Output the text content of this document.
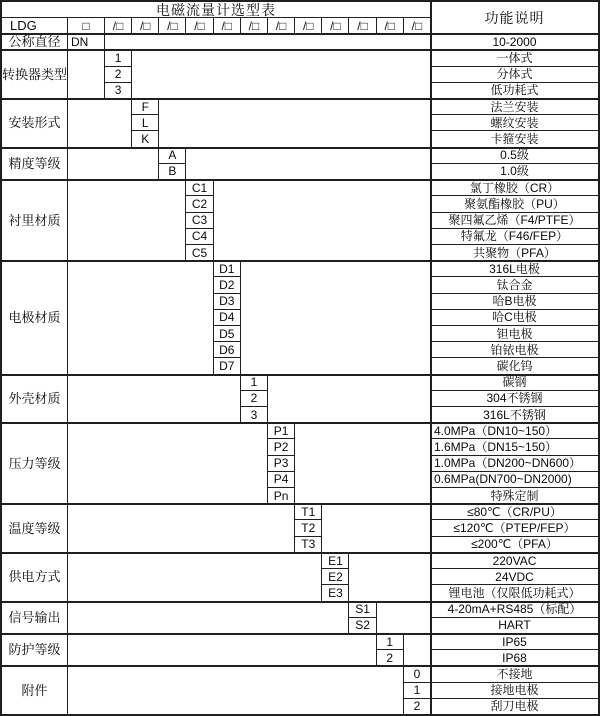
电磁流量计选型表
功能说明
LDG	□	/□	/□	/□	/□	/□	/□	/□	/□	/□	/□	/□	/□
公称直径 DN	10-2000
转换器类型
1	一体式
2	分体式
3	低功耗式
安装形式
F	法兰安装
L	螺纹安装
K	卡箍安装
精度等级
A	0.5级
B	1.0级
衬里材质
C1	氯丁橡胶（CR）
C2	聚氨酯橡胶（PU）
C3	聚四氟乙烯（F4/PTFE）
C4	特氟龙（F46/FEP）
C5	共聚物（PFA）
电极材质
D1	316L电极
D2	钛合金
D3	哈B电极
D4	哈C电极
D5	钽电极
D6	铂铱电极
D7	碳化钨
外壳材质
1	碳钢
2	304不锈钢
3	316L不锈钢
压力等级
P1	4.0MPa（DN10~150）
P2	1.6MPa（DN15~150）
P3	1.0MPa（DN200~DN600）
P4	0.6MPa(DN700~DN2000)
Pn	特殊定制
温度等级
T1	≤80℃（CR/PU）
T2	≤120℃（PTEP/FEP）
T3	≤200℃（PFA）
供电方式
E1	220VAC
E2	24VDC
E3	锂电池（仅限低功耗式）
信号输出
S1	4-20mA+RS485（标配）
S2	HART
防护等级
1	IP65
2	IP68
附件
0	不接地
1	接地电极
2	刮刀电极
